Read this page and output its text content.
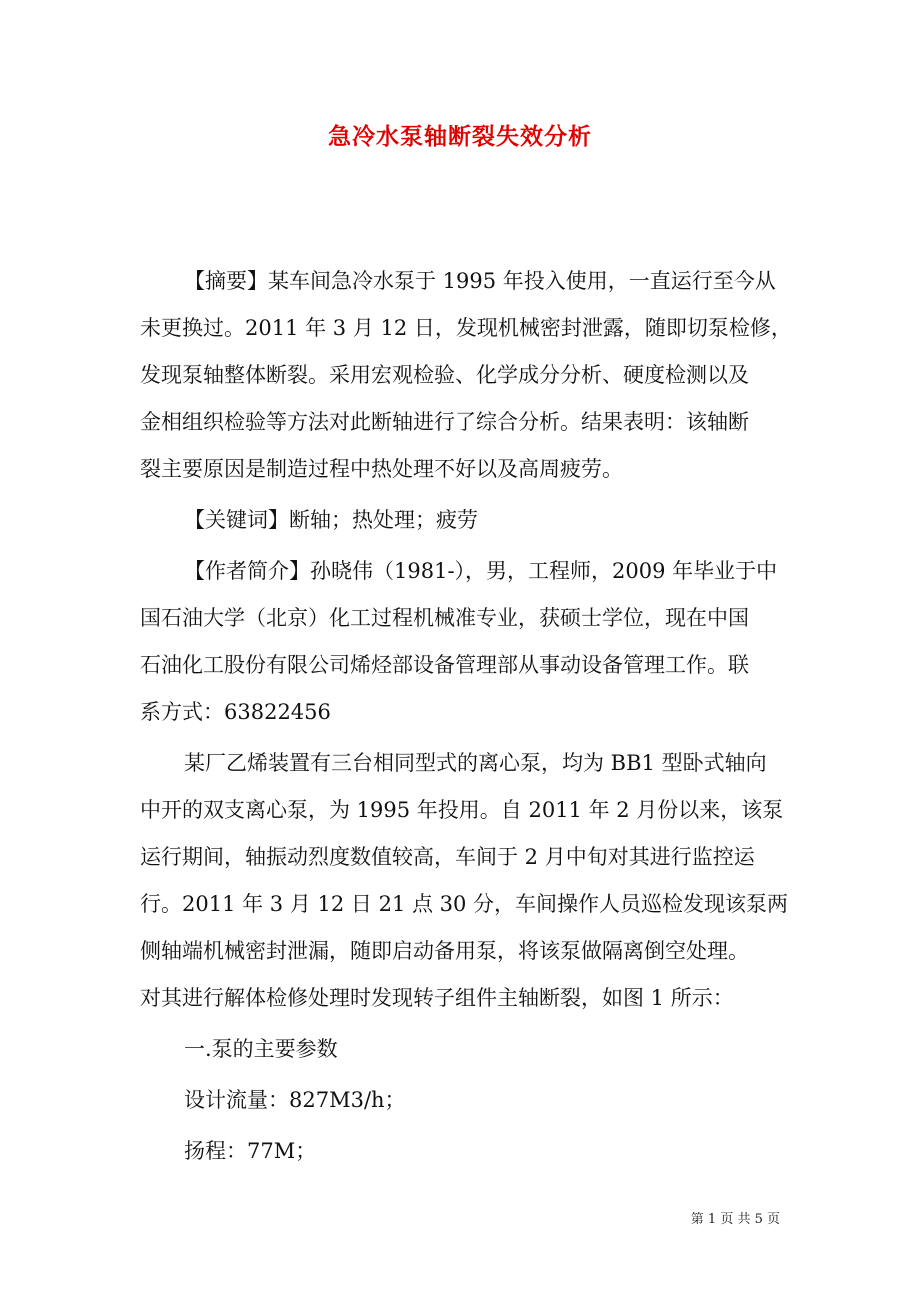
急冷水泵轴断裂失效分析
【摘要】某车间急冷水泵于 1995 年投入使用，一直运行至今从
未更换过。2011 年 3 月 12 日，发现机械密封泄露，随即切泵检修，
发现泵轴整体断裂。采用宏观检验、化学成分分析、硬度检测以及
金相组织检验等方法对此断轴进行了综合分析。结果表明：该轴断
裂主要原因是制造过程中热处理不好以及高周疲劳。
【关键词】断轴；热处理；疲劳
【作者简介】孙晓伟（1981-），男，工程师，2009 年毕业于中
国石油大学（北京）化工过程机械准专业，获硕士学位，现在中国
石油化工股份有限公司烯烃部设备管理部从事动设备管理工作。联
系方式：63822456
某厂乙烯装置有三台相同型式的离心泵，均为 BB1 型卧式轴向
中开的双支离心泵，为 1995 年投用。自 2011 年 2 月份以来，该泵
运行期间，轴振动烈度数值较高，车间于 2 月中旬对其进行监控运
行。2011 年 3 月 12 日 21 点 30 分，车间操作人员巡检发现该泵两
侧轴端机械密封泄漏，随即启动备用泵，将该泵做隔离倒空处理。
对其进行解体检修处理时发现转子组件主轴断裂，如图 1 所示：
一.泵的主要参数
设计流量：827M3/h；
扬程：77M；
第 1 页 共 5 页
